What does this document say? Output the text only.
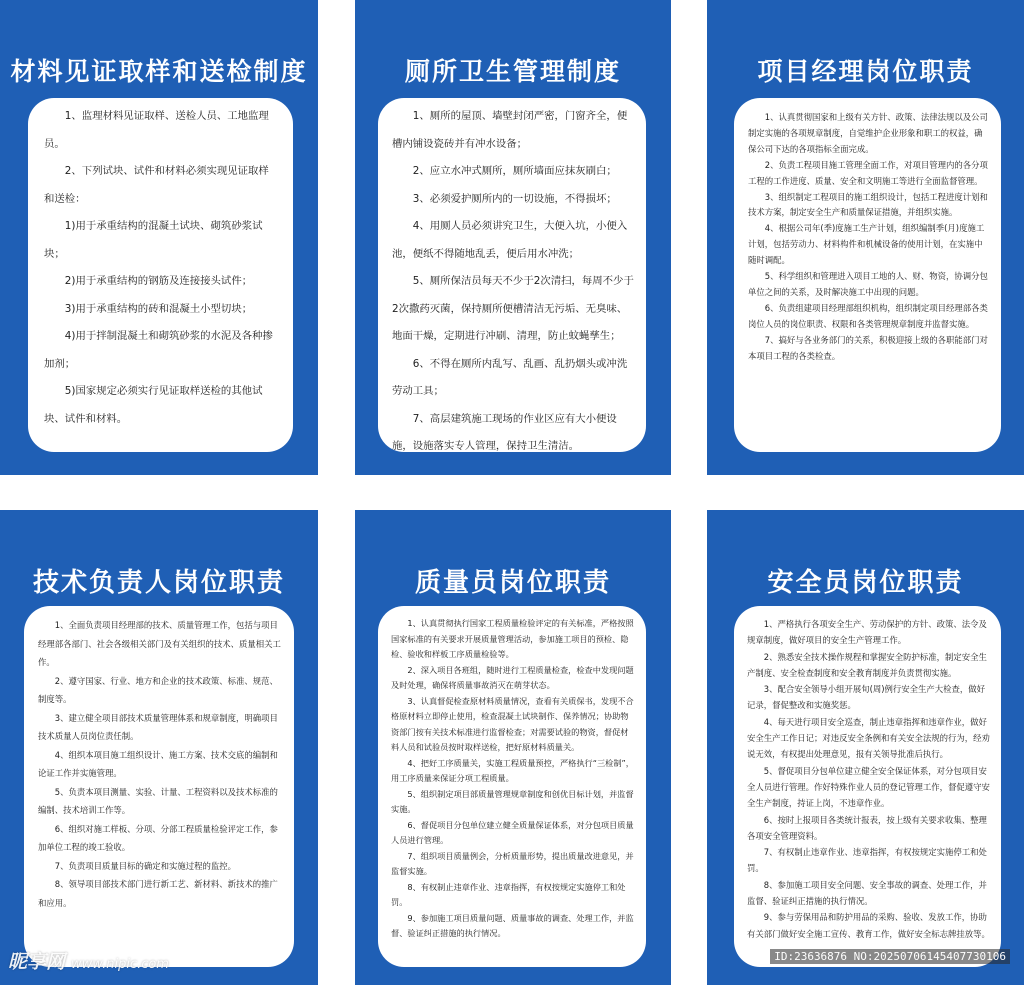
材料见证取样和送检制度

1、监理材料见证取样、送检人员、工地监理员。

2、下列试块、试件和材料必须实现见证取样和送检：

1)用于承重结构的混凝土试块、砌筑砂浆试块；

2)用于承重结构的钢筋及连接接头试件；

3)用于承重结构的砖和混凝土小型切块；

4)用于拌制混凝土和砌筑砂浆的水泥及各种掺加剂；

5)国家规定必须实行见证取样送检的其他试块、试件和材料。

厕所卫生管理制度

1、厕所的屋顶、墙壁封闭严密，门窗齐全，便槽内铺设瓷砖并有冲水设备；

2、应立水冲式厕所，厕所墙面应抹灰刷白；

3、必须爱护厕所内的一切设施，不得损坏；

4、用厕人员必须讲究卫生，大便入坑，小便入池，便纸不得随地乱丢，便后用水冲洗；

5、厕所保洁员每天不少于2次清扫，每周不少于2次撒药灭菌，保持厕所便槽清洁无污垢、无臭味、地面干燥，定期进行冲刷、清理，防止蚊蝇孳生；

6、不得在厕所内乱写、乱画、乱扔烟头或冲洗劳动工具；

7、高层建筑施工现场的作业区应有大小便设施，设施落实专人管理，保持卫生清洁。

项目经理岗位职责

1、认真贯彻国家和上级有关方针、政策、法律法规以及公司制定实施的各项规章制度，自觉维护企业形象和职工的权益，确保公司下达的各项指标全面完成。

2、负责工程项目施工管理全面工作，对项目管理内的各分项工程的工作进度、质量、安全和文明施工等进行全面监督管理。

3、组织制定工程项目的施工组织设计，包括工程进度计划和技术方案，制定安全生产和质量保证措施，并组织实施。

4、根据公司年(季)度施工生产计划，组织编制季(月)度施工计划，包括劳动力、材料构件和机械设备的使用计划，在实施中随时调配。

5、科学组织和管理进入项目工地的人、财、物资，协调分包单位之间的关系，及时解决施工中出现的问题。

6、负责组建项目经理部组织机构，组织制定项目经理部各类岗位人员的岗位职责、权限和各类管理规章制度并监督实施。

7、搞好与各业务部门的关系，积极迎接上级的各职能部门对本项目工程的各类检查。

技术负责人岗位职责

1、全面负责项目经理部的技术、质量管理工作，包括与项目经理部各部门、社会各级相关部门及有关组织的技术、质量相关工作。

2、遵守国家、行业、地方和企业的技术政策、标准、规范、制度等。

3、建立健全项目部技术质量管理体系和规章制度，明确项目技术质量人员岗位责任制。

4、组织本项目施工组织设计、施工方案、技术交底的编制和论证工作并实施管理。

5、负责本项目测量、实验、计量、工程资料以及技术标准的编制、技术培训工作等。

6、组织对施工样板、分项、分部工程质量检验评定工作，参加单位工程的竣工验收。

7、负责项目质量目标的确定和实施过程的监控。

8、领导项目部技术部门进行新工艺、新材料、新技术的推广和应用。

质量员岗位职责

1、认真贯彻执行国家工程质量检验评定的有关标准，严格按照国家标准的有关要求开展质量管理活动，参加施工项目的预检、隐检、验收和样板工序质量检验等。

2、深入项目各班组，随时进行工程质量检查，检查中发现问题及时处理，确保将质量事故消灭在萌芽状态。

3、认真督促检查原材料质量情况，查看有关质保书，发现不合格原材料立即停止使用，检查混凝土试块制作、保养情况；协助物资部门按有关技术标准进行监督检查；对需要试验的物资，督促材料人员和试验员按时取样送检，把好原材料质量关。

4、把好工序质量关，实施工程质量预控，严格执行“三检制”，用工序质量来保证分项工程质量。

5、组织制定项目部质量管理规章制度和创优目标计划，并监督实施。

6、督促项目分包单位建立健全质量保证体系，对分包项目质量人员进行管理。

7、组织项目质量例会，分析质量形势，提出质量改进意见，并监督实施。

8、有权制止违章作业、违章指挥，有权按规定实施停工和处罚。

9、参加施工项目质量问题、质量事故的调查、处理工作，并监督、验证纠正措施的执行情况。

安全员岗位职责

1、严格执行各项安全生产、劳动保护的方针、政策、法令及规章制度，做好项目的安全生产管理工作。

2、熟悉安全技术操作规程和掌握安全防护标准，制定安全生产制度、安全检查制度和安全教育制度并负责贯彻实施。

3、配合安全领导小组开展旬(周)例行安全生产大检查，做好记录，督促整改和实施奖惩。

4、每天进行项目安全巡查，制止违章指挥和违章作业，做好安全生产工作日记；对违反安全条例和有关安全法规的行为，经劝说无效，有权提出处理意见，报有关领导批准后执行。

5、督促项目分包单位建立健全安全保证体系，对分包项目安全人员进行管理。作好特殊作业人员的登记管理工作，督促遵守安全生产制度，持证上岗，不违章作业。

6、按时上报项目各类统计报表，按上级有关要求收集、整理各项安全管理资料。

7、有权制止违章作业、违章指挥，有权按规定实施停工和处罚。

8、参加施工项目安全问题、安全事故的调查、处理工作，并监督、验证纠正措施的执行情况。

9、参与劳保用品和防护用品的采购、验收、发放工作，协助有关部门做好安全施工宣传、教育工作，做好安全标志牌挂放等。

昵享网 www.nipic.com
ID:23636876 NO:20250706145407730106
